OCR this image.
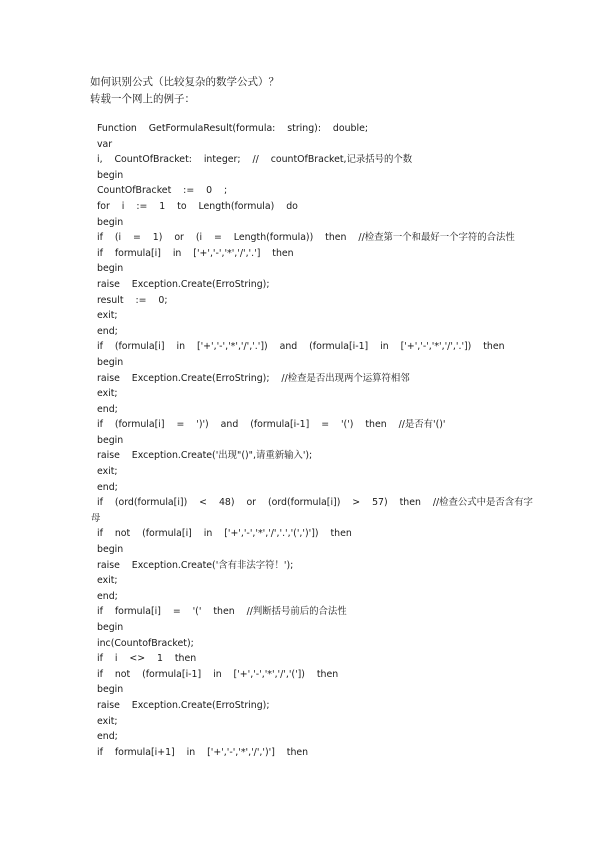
如何识别公式（比较复杂的数学公式）？
转载一个网上的例子：
Function    GetFormulaResult(formula:    string):    double;
var
i,    CountOfBracket:    integer;    //    countOfBracket,记录括号的个数
begin
CountOfBracket    :=    0    ;
for    i    :=    1    to    Length(formula)    do
begin
if    (i    =    1)    or    (i    =    Length(formula))    then    //检查第一个和最好一个字符的合法性
if    formula[i]    in    ['+','-','*','/','.']    then
begin
raise    Exception.Create(ErroString);
result    :=    0;
exit;
end;
if    (formula[i]    in    ['+','-','*','/','.'])    and    (formula[i-1]    in    ['+','-','*','/','.'])    then
begin
raise    Exception.Create(ErroString);    //检查是否出现两个运算符相邻
exit;
end;
if    (formula[i]    =    ')')    and    (formula[i-1]    =    '(')    then    //是否有'()'
begin
raise    Exception.Create('出现"()",请重新输入');
exit;
end;
if    (ord(formula[i])    <    48)    or    (ord(formula[i])    >    57)    then    //检查公式中是否含有字
母
if    not    (formula[i]    in    ['+','-','*','/','.','(',')'])    then
begin
raise    Exception.Create('含有非法字符！');
exit;
end;
if    formula[i]    =    '('    then    //判断括号前后的合法性
begin
inc(CountofBracket);
if    i    <>    1    then
if    not    (formula[i-1]    in    ['+','-','*','/','('])    then
begin
raise    Exception.Create(ErroString);
exit;
end;
if    formula[i+1]    in    ['+','-','*','/',')']    then
